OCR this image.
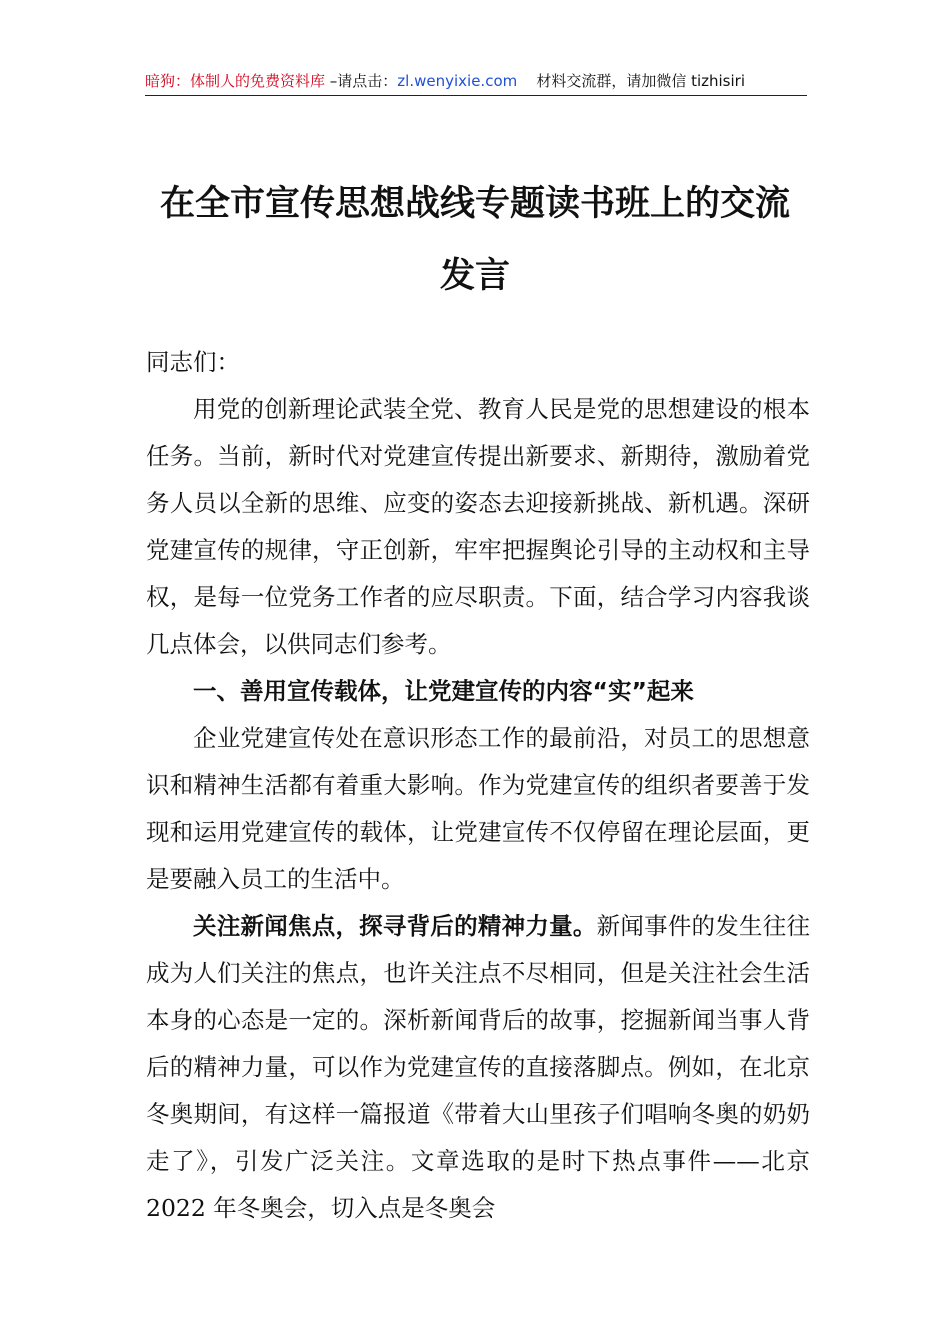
暗狗：体制人的免费资料库 –请点击：zl.wenyixie.com 材料交流群，请加微信 tizhisiri
在全市宣传思想战线专题读书班上的交流
发言

同志们：

用党的创新理论武装全党、教育人民是党的思想建设的根本任务。当前，新时代对党建宣传提出新要求、新期待，激励着党务人员以全新的思维、应变的姿态去迎接新挑战、新机遇。深研党建宣传的规律，守正创新，牢牢把握舆论引导的主动权和主导权，是每一位党务工作者的应尽职责。下面，结合学习内容我谈几点体会，以供同志们参考。

一、善用宣传载体，让党建宣传的内容“实”起来

企业党建宣传处在意识形态工作的最前沿，对员工的思想意识和精神生活都有着重大影响。作为党建宣传的组织者要善于发现和运用党建宣传的载体，让党建宣传不仅停留在理论层面，更是要融入员工的生活中。

关注新闻焦点，探寻背后的精神力量。新闻事件的发生往往成为人们关注的焦点，也许关注点不尽相同，但是关注社会生活本身的心态是一定的。深析新闻背后的故事，挖掘新闻当事人背后的精神力量，可以作为党建宣传的直接落脚点。例如，在北京冬奥期间，有这样一篇报道《带着大山里孩子们唱响冬奥的奶奶走了》，引发广泛关注。文章选取的是时下热点事件——北京 2022 年冬奥会，切入点是冬奥会
